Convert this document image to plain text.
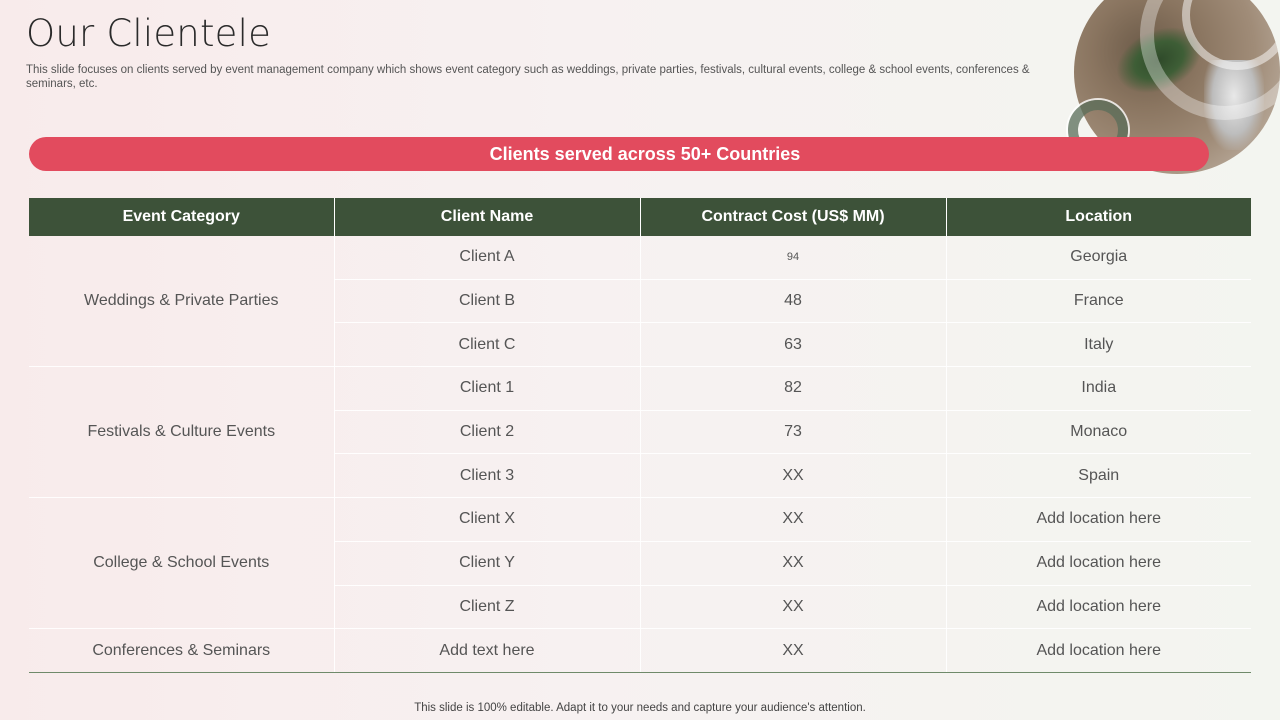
Our Clientele
This slide focuses on clients served by event management company which shows event category such as weddings, private parties, festivals, cultural events, college & school events, conferences & seminars, etc.
Clients served across 50+ Countries
Event Category	Client Name	Contract Cost (US$ MM)	Location
Weddings & Private Parties	Client A	94	Georgia
	Client B	48	France
	Client C	63	Italy
Festivals & Culture Events	Client 1	82	India
	Client 2	73	Monaco
	Client 3	XX	Spain
College & School Events	Client X	XX	Add location here
	Client Y	XX	Add location here
	Client Z	XX	Add location here
Conferences & Seminars	Add text here	XX	Add location here
This slide is 100% editable. Adapt it to your needs and capture your audience's attention.
